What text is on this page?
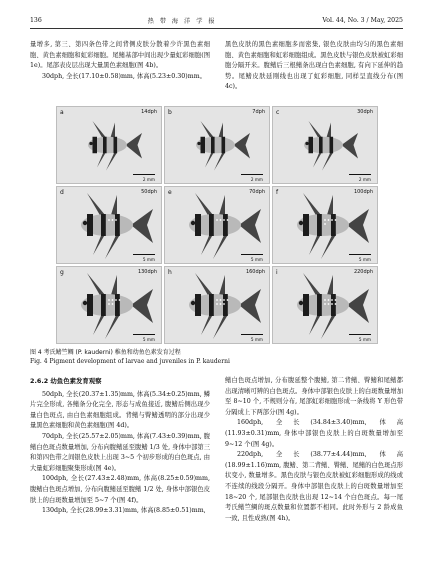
136	热 带 海 洋 学 报	Vol. 44, No. 3 / May, 2025

量增多, 第三、第四条色带之间背侧皮肤分散着少许黑色素细胞、黄色素细胞和虹彩细胞。尾鳍基部中间出现少量虹彩细胞(图 1e)。尾部表皮层出现大量黑色素细胞(图 4b)。

30dph, 全长(17.10±0.58)mm, 体高(5.23±0.30)mm。

黑色皮肤的黑色素细胞多而密集, 银色皮肤由均匀的黑色素细胞、黄色素细胞和虹彩细胞组成。黑色皮肤与银色皮肤被虹彩细胞分隔开来。腹鳍后三根鳍条出现白色素细胞, 有向下延伸的趋势。尾鳍皮肤延刚线也出现了虹彩细胞, 同样呈直线分布(图 4c)。

a	14dph
2 mm
b	7dph
2 mm
c	30dph
2 mm
d	50dph
5 mm
e	70dph
5 mm
f	100dph
5 mm
g	130dph
5 mm
h	160dph
5 mm
i	220dph
5 mm
图 4 考氏鳍竺鲷 (P. kauderni) 稚鱼和幼鱼色素发育过程
Fig. 4 Pigment development of larvae and juveniles in P. kauderni
2.6.2 幼鱼色素发育观察

50dph, 全长(20.37±1.35)mm, 体高(5.34±0.25)mm, 鳞片完全形成, 各鳍条分化完全, 形态与成鱼接近, 腹鳍后侧出现少量白色斑点, 由白色素细胞组成。背鳍与臀鳍透明的部分出现少量黑色素细胞和黄色素细胞(图 4d)。

70dph, 全长(25.57±2.05)mm, 体高(7.43±0.39)mm, 腹鳍白色斑点数量增加, 分布向腹鳍延至腹鳍 1/3 处, 身体中部第三和第四色带之间银色皮肤上出现 3~5 个初步形成的白色斑点, 由大量虹彩细胞聚集形成(图 4e)。

100dph, 全长(27.43±2.48)mm, 体高(8.25±0.59)mm, 腹鳍白色斑点增加, 分布向腹鳍延至腹鳍 1/2 处, 身体中部银色皮肤上的白斑数量增加至 5~7 个(图 4f)。

130dph, 全长(28.99±3.31)mm, 体高(8.85±0.51)mm,

鳍白色斑点增加, 分布腹延整个腹鳍, 第二背鳍、臀鳍和尾鳍都出现清晰可辨的白色斑点。身体中部银色皮肤上的白斑数量增加至 8~10 个, 不规则分布, 尾部虹彩细胞形成一条线将 Y 形色带分隔成上下两部分(图 4g)。

160dph, 全长(34.84±3.40)mm, 体高(11.93±0.31)mm, 身体中部银色皮肤上的白斑数量增加至 9~12 个(图 4g)。

220dph, 全长(38.77±4.44)mm, 体高(18.99±1.16)mm, 腹鳍、第二背鳍、臀鳍、尾鳍的白色斑点形状变小, 数量增多。黑色皮肤与银色皮肤被虹彩细胞形成的线或不连续的线段分隔开。身体中部银色皮肤上的白斑数量增加至 18~20 个, 尾部银色皮肤也出现 12~14 个白色斑点。每一尾考氏鳍竺鲷的斑点数量和位置都不相同。此时外形与 2 龄成鱼一致, 且性成熟(图 4h)。
